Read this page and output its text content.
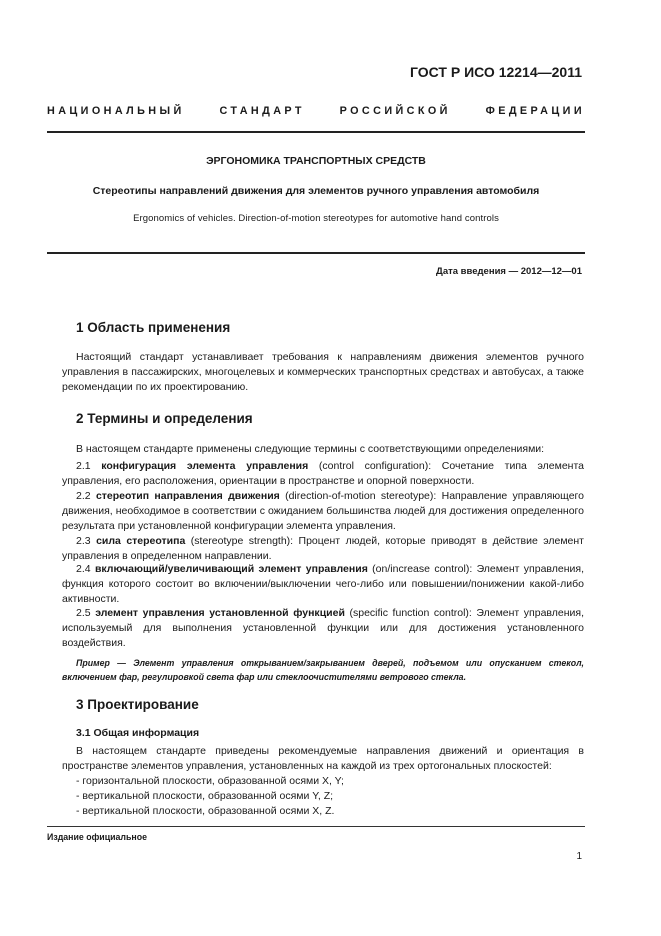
ГОСТ Р ИСО 12214—2011
НАЦИОНАЛЬНЫЙ СТАНДАРТ РОССИЙСКОЙ ФЕДЕРАЦИИ
ЭРГОНОМИКА ТРАНСПОРТНЫХ СРЕДСТВ
Стереотипы направлений движения для элементов ручного управления автомобиля
Ergonomics of vehicles. Direction-of-motion stereotypes for automotive hand controls
Дата введения — 2012—12—01
1 Область применения
Настоящий стандарт устанавливает требования к направлениям движения элементов ручного управления в пассажирских, многоцелевых и коммерческих транспортных средствах и автобусах, а также рекомендации по их проектированию.
2 Термины и определения
В настоящем стандарте применены следующие термины с соответствующими определениями:
2.1 конфигурация элемента управления (control configuration): Сочетание типа элемента управления, его расположения, ориентации в пространстве и опорной поверхности.
2.2 стереотип направления движения (direction-of-motion stereotype): Направление управляющего движения, необходимое в соответствии с ожиданием большинства людей для достижения определенного результата при установленной конфигурации элемента управления.
2.3 сила стереотипа (stereotype strength): Процент людей, которые приводят в действие элемент управления в определенном направлении.
2.4 включающий/увеличивающий элемент управления (on/increase control): Элемент управления, функция которого состоит во включении/выключении чего-либо или повышении/понижении какой-либо активности.
2.5 элемент управления установленной функцией (specific function control): Элемент управления, используемый для выполнения установленной функции или для достижения установленного воздействия.
Пример — Элемент управления открыванием/закрыванием дверей, подъемом или опусканием стекол, включением фар, регулировкой света фар или стеклоочистителями ветрового стекла.
3 Проектирование
3.1 Общая информация
В настоящем стандарте приведены рекомендуемые направления движений и ориентация в пространстве элементов управления, установленных на каждой из трех ортогональных плоскостей:
- горизонтальной плоскости, образованной осями X, Y;
- вертикальной плоскости, образованной осями Y, Z;
- вертикальной плоскости, образованной осями X, Z.
Издание официальное
1
